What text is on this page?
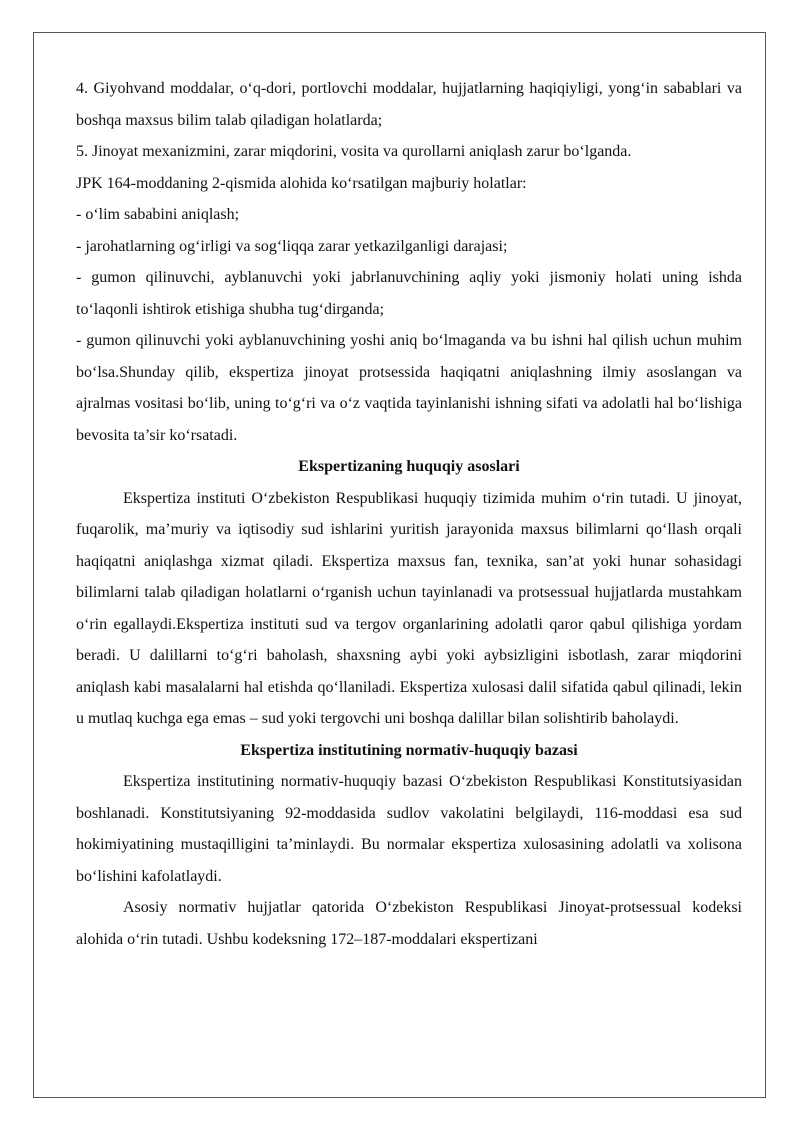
4. Giyohvand moddalar, o‘q-dori, portlovchi moddalar, hujjatlarning haqiqiyligi, yong‘in sabablari va boshqa maxsus bilim talab qiladigan holatlarda;

5. Jinoyat mexanizmini, zarar miqdorini, vosita va qurollarni aniqlash zarur bo‘lganda.

JPK 164-moddaning 2-qismida alohida ko‘rsatilgan majburiy holatlar:

- o‘lim sababini aniqlash;

- jarohatlarning og‘irligi va sog‘liqqa zarar yetkazilganligi darajasi;

- gumon qilinuvchi, ayblanuvchi yoki jabrlanuvchining aqliy yoki jismoniy holati uning ishda to‘laqonli ishtirok etishiga shubha tug‘dirganda;

- gumon qilinuvchi yoki ayblanuvchining yoshi aniq bo‘lmaganda va bu ishni hal qilish uchun muhim bo‘lsa.Shunday qilib, ekspertiza jinoyat protsessida haqiqatni aniqlashning ilmiy asoslangan va ajralmas vositasi bo‘lib, uning to‘g‘ri va o‘z vaqtida tayinlanishi ishning sifati va adolatli hal bo‘lishiga bevosita ta’sir ko‘rsatadi.

Ekspertizaning huquqiy asoslari

Ekspertiza instituti O‘zbekiston Respublikasi huquqiy tizimida muhim o‘rin tutadi. U jinoyat, fuqarolik, ma’muriy va iqtisodiy sud ishlarini yuritish jarayonida maxsus bilimlarni qo‘llash orqali haqiqatni aniqlashga xizmat qiladi. Ekspertiza maxsus fan, texnika, san’at yoki hunar sohasidagi bilimlarni talab qiladigan holatlarni o‘rganish uchun tayinlanadi va protsessual hujjatlarda mustahkam o‘rin egallaydi.Ekspertiza instituti sud va tergov organlarining adolatli qaror qabul qilishiga yordam beradi. U dalillarni to‘g‘ri baholash, shaxsning aybi yoki aybsizligini isbotlash, zarar miqdorini aniqlash kabi masalalarni hal etishda qo‘llaniladi. Ekspertiza xulosasi dalil sifatida qabul qilinadi, lekin u mutlaq kuchga ega emas – sud yoki tergovchi uni boshqa dalillar bilan solishtirib baholaydi.

Ekspertiza institutining normativ-huquqiy bazasi

Ekspertiza institutining normativ-huquqiy bazasi O‘zbekiston Respublikasi Konstitutsiyasidan boshlanadi. Konstitutsiyaning 92-moddasida sudlov vakolatini belgilaydi, 116-moddasi esa sud hokimiyatining mustaqilligini ta’minlaydi. Bu normalar ekspertiza xulosasining adolatli va xolisona bo‘lishini kafolatlaydi.

Asosiy normativ hujjatlar qatorida O‘zbekiston Respublikasi Jinoyat-protsessual kodeksi alohida o‘rin tutadi. Ushbu kodeksning 172–187-moddalari ekspertizani
